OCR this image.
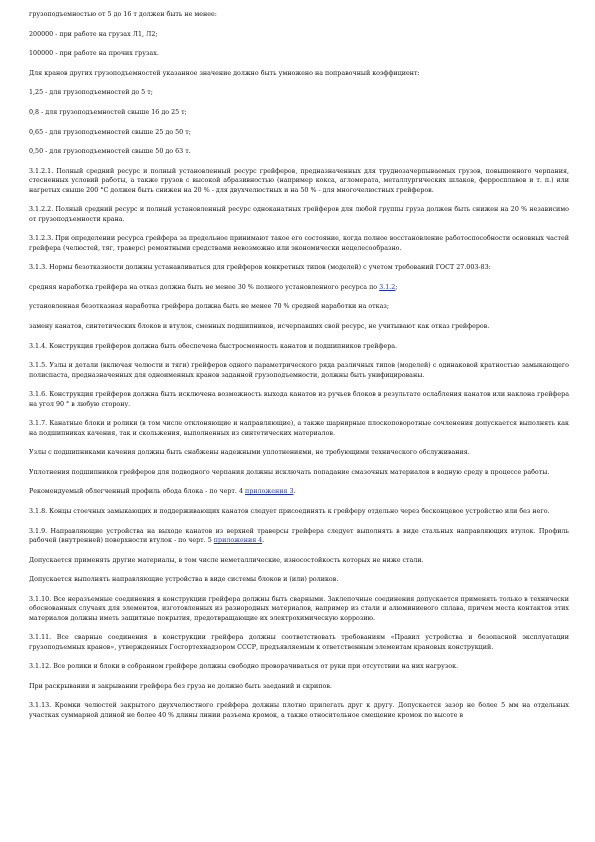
грузоподъемностью от 5 до 16 т должен быть не менее:

200000 - при работе на грузах Л1, Л2;

100000 - при работе на прочих грузах.

Для кранов других грузоподъемностей указанное значение должно быть умножено на поправочный коэффициент:

1,25 - для грузоподъемностей до 5 т;

0,8 - для грузоподъемностей свыше 16 до 25 т;

0,65 - для грузоподъемностей свыше 25 до 50 т;

0,50 - для грузоподъемностей свыше 50 до 63 т.

3.1.2.1. Полный средний ресурс и полный установленный ресурс грейферов, предназначенных для труднозачерпываемых грузов, повышенного черпания, стесненных условий работы, а также грузов с высокой абразивностью (например кокса, агломерата, металлургических шлаков, ферросплавов и т. п.) или нагретых свыше 200 °С должен быть снижен на 20 % - для двухчелюстных и на 50 % - для многочелюстных грейферов.

3.1.2.2. Полный средний ресурс и полный установленный ресурс одноканатных грейферов для любой группы груза должен быть снижен на 20 % независимо от грузоподъемности крана.

3.1.2.3. При определении ресурса грейфера за предельное принимают такое его состояние, когда полное восстановление работоспособности основных частей грейфера (челюстей, тяг, траверс) ремонтными средствами невозможно или экономически нецелесообразно.

3.1.3. Нормы безотказности должны устанавливаться для грейферов конкретных типов (моделей) с учетом требований ГОСТ 27.003-83:

средняя наработка грейфера на отказ должна быть не менее 30 % полного установленного ресурса по 3.1.2;

установленная безотказная наработка грейфера должна быть не менее 70 % средней наработки на отказ;

замену канатов, синтетических блоков и втулок, сменных подшипников, исчерпавших свой ресурс, не учитывают как отказ грейферов.

3.1.4. Конструкция грейферов должна быть обеспечена быстросменность канатов и подшипников грейфера.

3.1.5. Узлы и детали (включая челюсти и тяги) грейферов одного параметрического ряда различных типов (моделей) с одинаковой кратностью замыкающего полиспаста, предназначенных для одноименных кранов заданной грузоподъемности, должны быть унифицированы.

3.1.6. Конструкция грейферов должна быть исключена возможность выхода канатов из ручьев блоков в результате ослабления канатов или наклона грейфера на угол 90 ° в любую сторону.

3.1.7. Канатные блоки и ролики (в том числе отклоняющие и направляющие), а также шарнирные плоскоповоротные сочленения допускается выполнять как на подшипниках качения, так и скольжения, выполненных из синтетических материалов.

Узлы с подшипниками качения должны быть снабжены надежными уплотнениями, не требующими технического обслуживания.

Уплотнения подшипников грейферов для подводного черпания должны исключать попадание смазочных материалов в водную среду в процессе работы.

Рекомендуемый облегченный профиль обода блока - по черт. 4 приложения 3.

3.1.8. Концы стоечных замыкающих и поддерживающих канатов следует присоединять к грейферу отдельно через бесконцевое устройство или без него.

3.1.9. Направляющие устройства на выходе канатов из верхней траверсы грейфера следует выполнять в виде стальных направляющих втулок. Профиль рабочей (внутренней) поверхности втулок - по черт. 5 приложения 4.

Допускается применять другие материалы, в том числе неметаллические, износостойкость которых не ниже стали.

Допускается выполнять направляющие устройства в виде системы блоков и (или) роликов.

3.1.10. Все неразъемные соединения в конструкции грейфера должны быть сварными. Заклепочные соединения допускается применять только в технически обоснованных случаях для элементов, изготовленных из разнородных материалов, например из стали и алюминиевого сплава, причем места контактов этих материалов должны иметь защитные покрытия, предотвращающие их электрохимическую коррозию.

3.1.11. Все сварные соединения в конструкции грейфера должны соответствовать требованиям «Правил устройства и безопасной эксплуатации грузоподъемных кранов», утвержденных Госгортехнадзором СССР, предъявляемым к ответственным элементам крановых конструкций.

3.1.12. Все ролики и блоки в собранном грейфере должны свободно проворачиваться от руки при отсутствии на них нагрузок.

При раскрывании и закрывании грейфера без груза не должно быть заеданий и скрипов.

3.1.13. Кромки челюстей закрытого двухчелюстного грейфера должны плотно прилегать друг к другу. Допускается зазор не более 5 мм на отдельных участках суммарной длиной не более 40 % длины линии разъема кромок, а также относительное смещение кромок по высоте в
